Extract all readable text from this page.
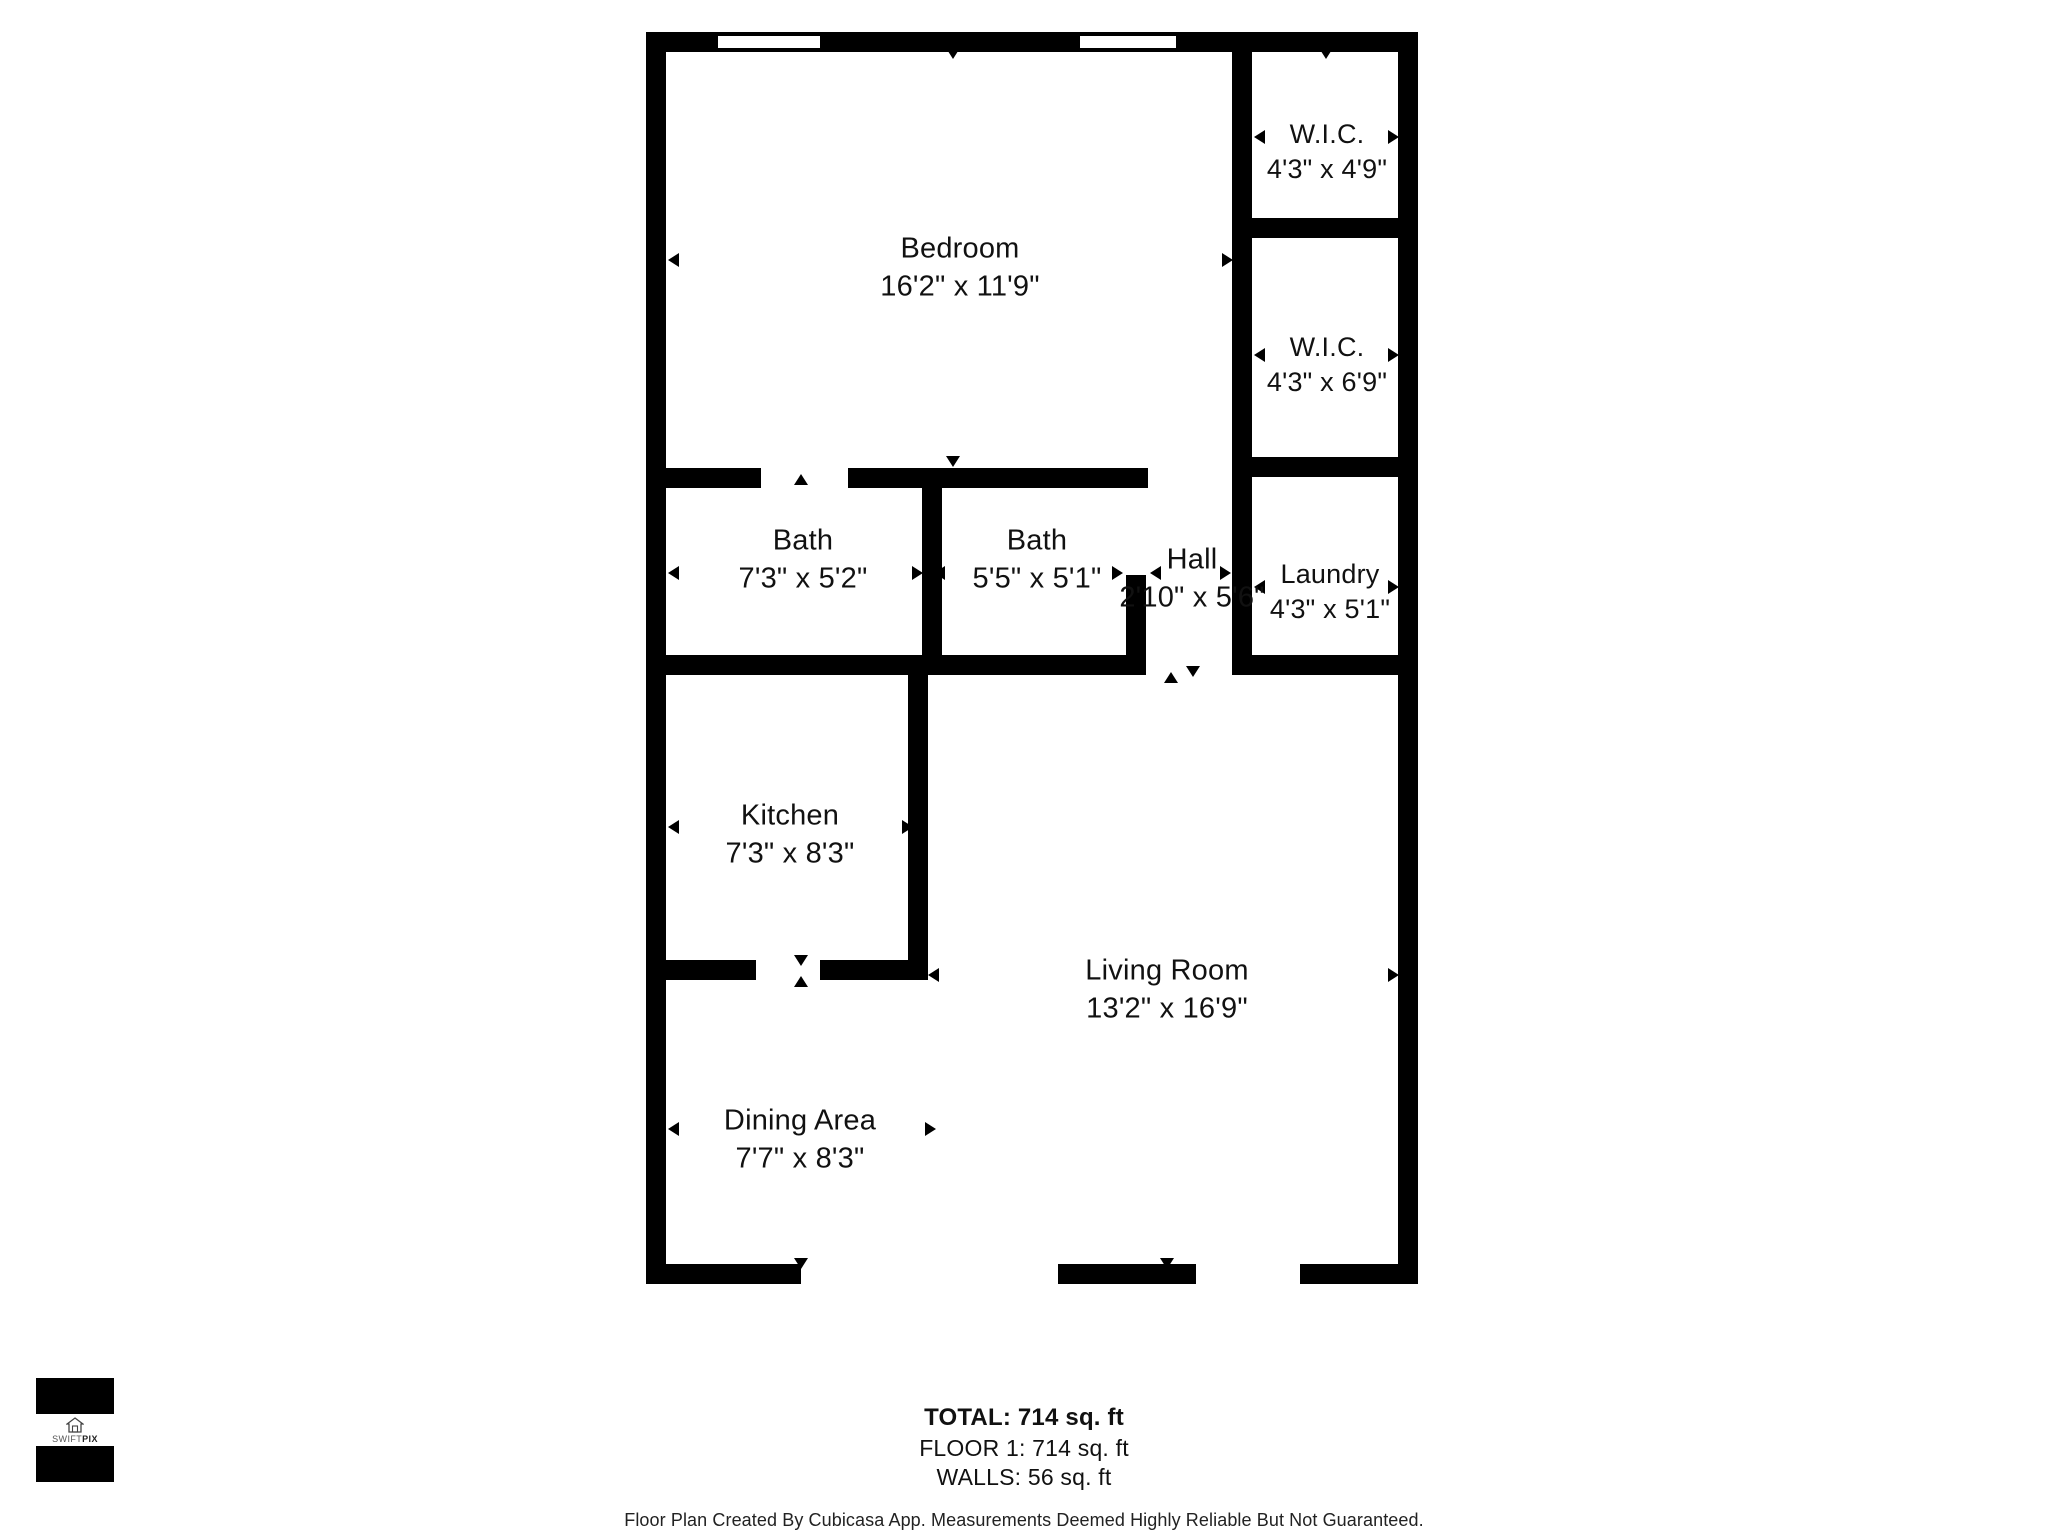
Bedroom
16'2" x 11'9"
W.I.C.
4'3" x 4'9"
W.I.C.
4'3" x 6'9"
Bath
7'3" x 5'2"
Bath
5'5" x 5'1"
Hall
2'10" x 5'6"
Laundry
4'3" x 5'1"
Kitchen
7'3" x 8'3"
Living Room
13'2" x 16'9"
Dining Area
7'7" x 8'3"
TOTAL: 714 sq. ft
FLOOR 1: 714 sq. ft
WALLS: 56 sq. ft
Floor Plan Created By Cubicasa App. Measurements Deemed Highly Reliable But Not Guaranteed.
SWIFTPIX
